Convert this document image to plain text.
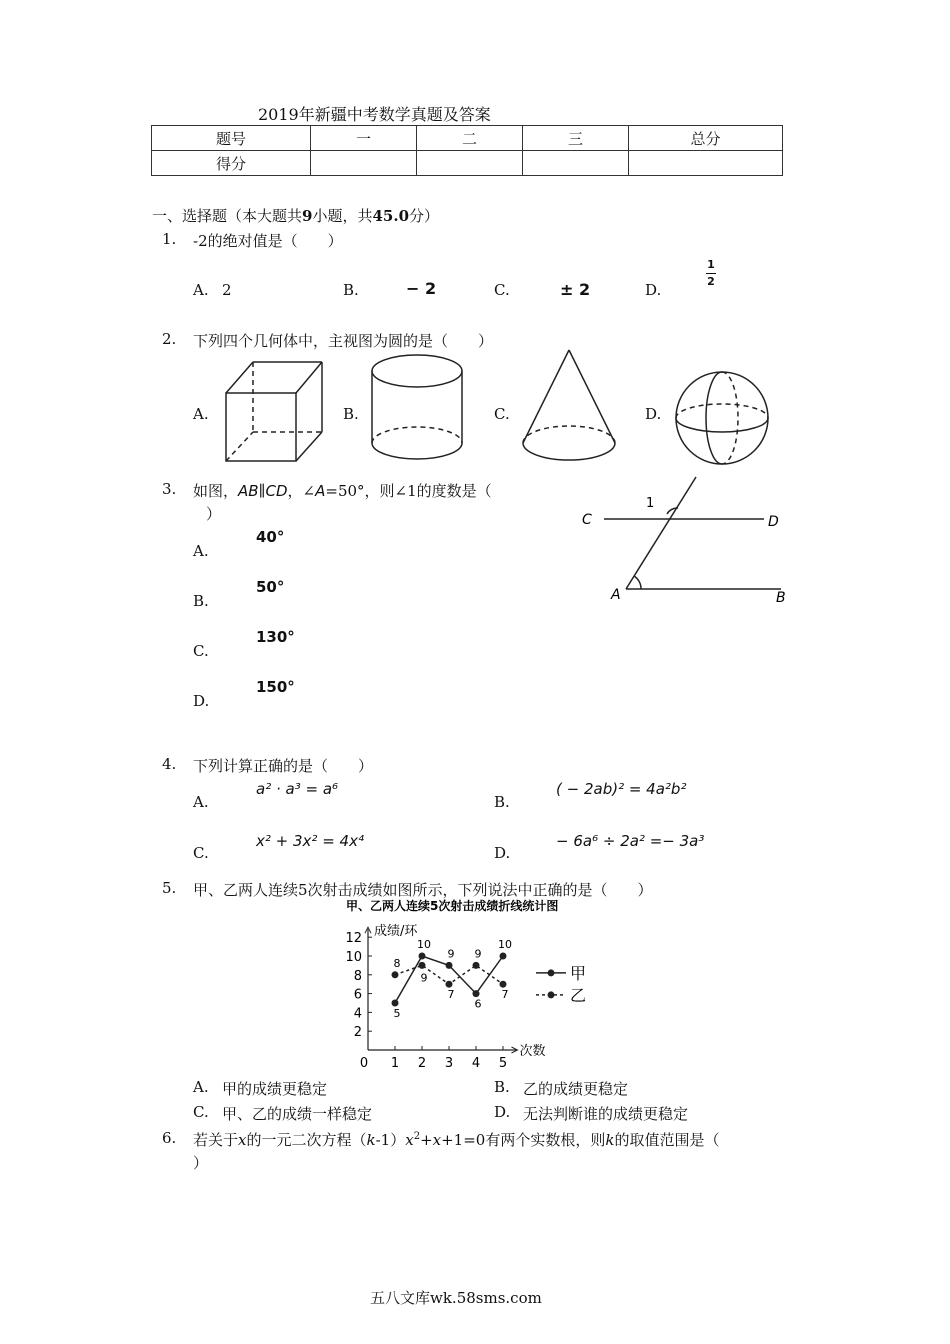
2019年新疆中考数学真题及答案
题号	一	二	三	总分
得分				
一、选择题（本大题共9小题，共45.0分）
1. -2的绝对值是（　　）
A. 2	B.	− 2	C.	± 2	D.
1
2
2. 下列四个几何体中，主视图为圆的是（　　）
A.	B.	C.	D.
3. 如图，AB∥CD，∠A=50°，则∠1的度数是（
）
A.
40°
B.
50°
C.
130°
D.
150°
C	D
A	B
1
4. 下列计算正确的是（　　）
A.
a² · a³ = a⁶
B.
( − 2ab)² = 4a²b²
C.
x² + 3x² = 4x⁴
D.
− 6a⁶ ÷ 2a² =− 3a³
5. 甲、乙两人连续5次射击成绩如图所示，下列说法中正确的是（　　）
甲、乙两人连续5次射击成绩折线统计图
成绩/环
次数
2
4
6
8
10
12
0 1 2 3 4 5
5
10
9
6
10
甲
8
9
7
9
7	乙
A. 甲的成绩更稳定	B. 乙的成绩更稳定
C. 甲、乙的成绩一样稳定	D. 无法判断谁的成绩更稳定
6. 若关于x的一元二次方程$(k-1)x^2+x+1=0$有两个实数根，则k的取值范围是（
）
五八文库wk.58sms.com
